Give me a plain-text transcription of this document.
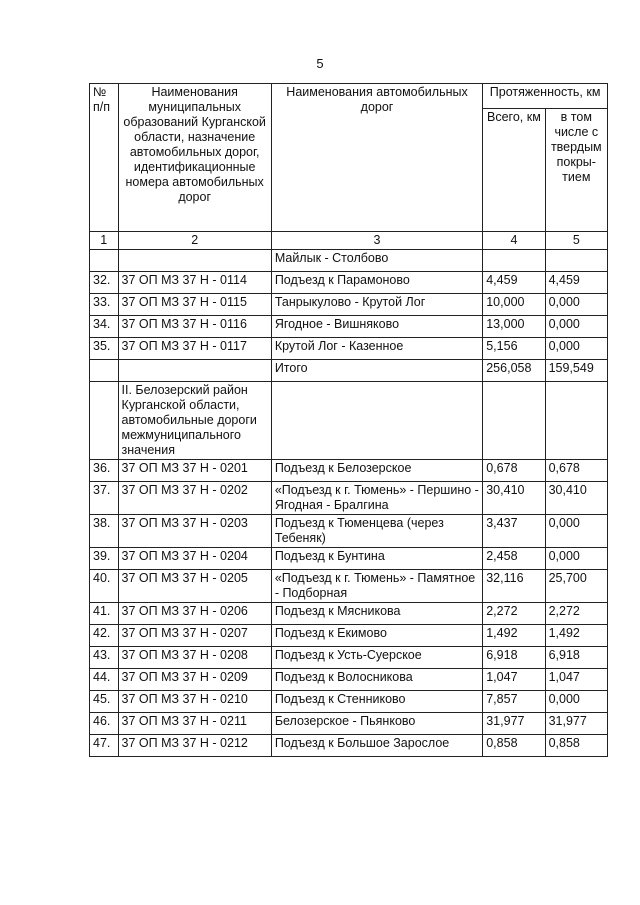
5
№ п/п	Наименования муниципальных образований Курганской области, назначение автомобильных дорог, идентификационные номера автомобильных дорог	Наименования автомобильных дорог	Протяженность, км	
			Всего, км	в том числе с твердым покры-тием
1	2	3	4	5
		Майлык - Столбово		
32.	37 ОП МЗ 37 Н - 0114	Подъезд к Парамоново	4,459	4,459
33.	37 ОП МЗ 37 Н - 0115	Танрыкулово - Крутой Лог	10,000	0,000
34.	37 ОП МЗ 37 Н - 0116	Ягодное - Вишняково	13,000	0,000
35.	37 ОП МЗ 37 Н - 0117	Крутой Лог - Казенное	5,156	0,000
		Итого	256,058	159,549
	II. Белозерский район Курганской области, автомобильные дороги межмуниципального значения			
36.	37 ОП МЗ 37 Н - 0201	Подъезд к Белозерское	0,678	0,678
37.	37 ОП МЗ 37 Н - 0202	«Подъезд к г. Тюмень» - Першино - Ягодная - Бралгина	30,410	30,410
38.	37 ОП МЗ 37 Н - 0203	Подъезд к Тюменцева (через Тебеняк)	3,437	0,000
39.	37 ОП МЗ 37 Н - 0204	Подъезд к Бунтина	2,458	0,000
40.	37 ОП МЗ 37 Н - 0205	«Подъезд к г. Тюмень» - Памятное - Подборная	32,116	25,700
41.	37 ОП МЗ 37 Н - 0206	Подъезд к Мясникова	2,272	2,272
42.	37 ОП МЗ 37 Н - 0207	Подъезд к Екимово	1,492	1,492
43.	37 ОП МЗ 37 Н - 0208	Подъезд к Усть-Суерское	6,918	6,918
44.	37 ОП МЗ 37 Н - 0209	Подъезд к Волосникова	1,047	1,047
45.	37 ОП МЗ 37 Н - 0210	Подъезд к Стенниково	7,857	0,000
46.	37 ОП МЗ 37 Н - 0211	Белозерское - Пьянково	31,977	31,977
47.	37 ОП МЗ 37 Н - 0212	Подъезд к Большое Зарослое	0,858	0,858
